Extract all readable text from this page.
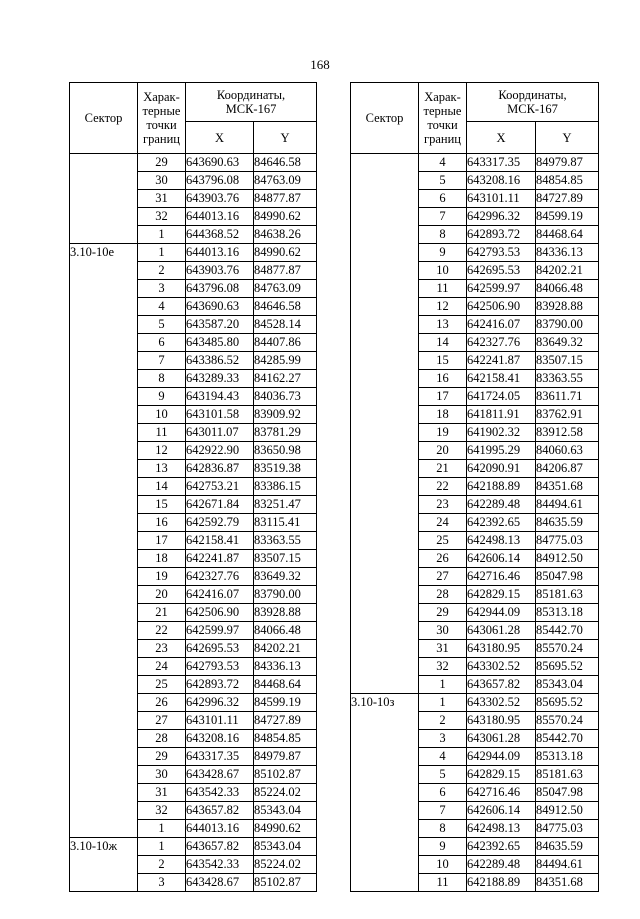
168
Сектор	Харак-
терные
точки
границ	Координаты,
МСК-167	
		X	Y
	29	643690.63	84646.58
	30	643796.08	84763.09
	31	643903.76	84877.87
	32	644013.16	84990.62
	1	644368.52	84638.26
3.10-10е	1	644013.16	84990.62
	2	643903.76	84877.87
	3	643796.08	84763.09
	4	643690.63	84646.58
	5	643587.20	84528.14
	6	643485.80	84407.86
	7	643386.52	84285.99
	8	643289.33	84162.27
	9	643194.43	84036.73
	10	643101.58	83909.92
	11	643011.07	83781.29
	12	642922.90	83650.98
	13	642836.87	83519.38
	14	642753.21	83386.15
	15	642671.84	83251.47
	16	642592.79	83115.41
	17	642158.41	83363.55
	18	642241.87	83507.15
	19	642327.76	83649.32
	20	642416.07	83790.00
	21	642506.90	83928.88
	22	642599.97	84066.48
	23	642695.53	84202.21
	24	642793.53	84336.13
	25	642893.72	84468.64
	26	642996.32	84599.19
	27	643101.11	84727.89
	28	643208.16	84854.85
	29	643317.35	84979.87
	30	643428.67	85102.87
	31	643542.33	85224.02
	32	643657.82	85343.04
	1	644013.16	84990.62
3.10-10ж	1	643657.82	85343.04
	2	643542.33	85224.02
	3	643428.67	85102.87
Сектор	Харак-
терные
точки
границ	Координаты,
МСК-167	
		X	Y
	4	643317.35	84979.87
	5	643208.16	84854.85
	6	643101.11	84727.89
	7	642996.32	84599.19
	8	642893.72	84468.64
	9	642793.53	84336.13
	10	642695.53	84202.21
	11	642599.97	84066.48
	12	642506.90	83928.88
	13	642416.07	83790.00
	14	642327.76	83649.32
	15	642241.87	83507.15
	16	642158.41	83363.55
	17	641724.05	83611.71
	18	641811.91	83762.91
	19	641902.32	83912.58
	20	641995.29	84060.63
	21	642090.91	84206.87
	22	642188.89	84351.68
	23	642289.48	84494.61
	24	642392.65	84635.59
	25	642498.13	84775.03
	26	642606.14	84912.50
	27	642716.46	85047.98
	28	642829.15	85181.63
	29	642944.09	85313.18
	30	643061.28	85442.70
	31	643180.95	85570.24
	32	643302.52	85695.52
	1	643657.82	85343.04
3.10-10з	1	643302.52	85695.52
	2	643180.95	85570.24
	3	643061.28	85442.70
	4	642944.09	85313.18
	5	642829.15	85181.63
	6	642716.46	85047.98
	7	642606.14	84912.50
	8	642498.13	84775.03
	9	642392.65	84635.59
	10	642289.48	84494.61
	11	642188.89	84351.68
